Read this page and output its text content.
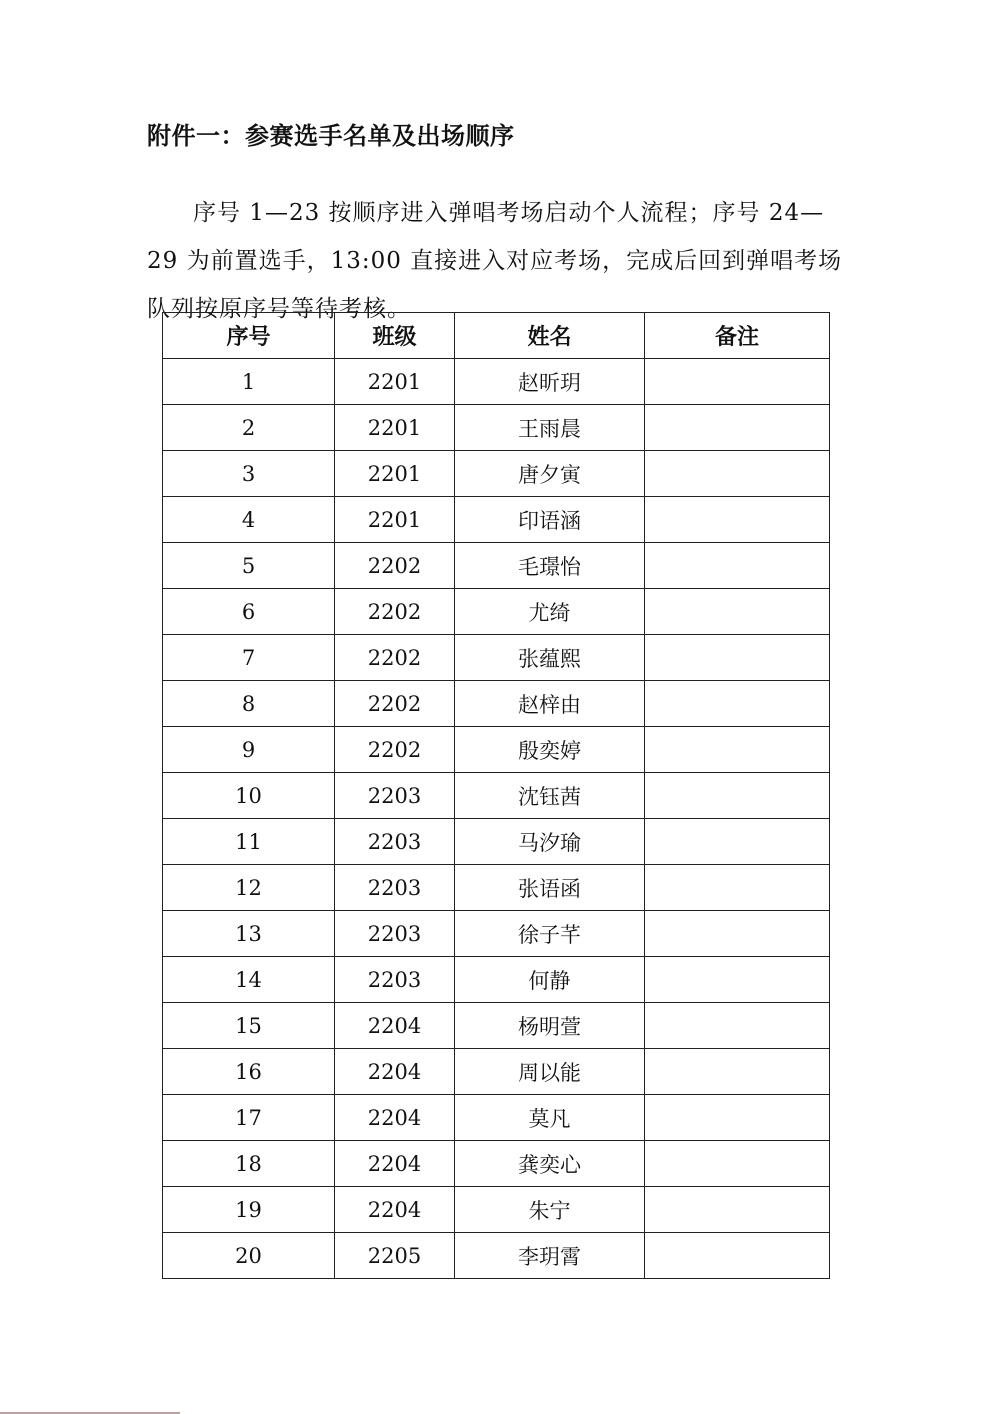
附件一：参赛选手名单及出场顺序

序号 1—23 按顺序进入弹唱考场启动个人流程；序号 24—29 为前置选手，13:00 直接进入对应考场，完成后回到弹唱考场队列按原序号等待考核。

序号	班级	姓名	备注
1	2201	赵昕玥	
2	2201	王雨晨	
3	2201	唐夕寅	
4	2201	印语涵	
5	2202	毛璟怡	
6	2202	尤绮	
7	2202	张蕴熙	
8	2202	赵梓由	
9	2202	殷奕婷	
10	2203	沈钰茜	
11	2203	马汐瑜	
12	2203	张语函	
13	2203	徐子芊	
14	2203	何静	
15	2204	杨明萱	
16	2204	周以能	
17	2204	莫凡	
18	2204	龚奕心	
19	2204	朱宁	
20	2205	李玥霄	
